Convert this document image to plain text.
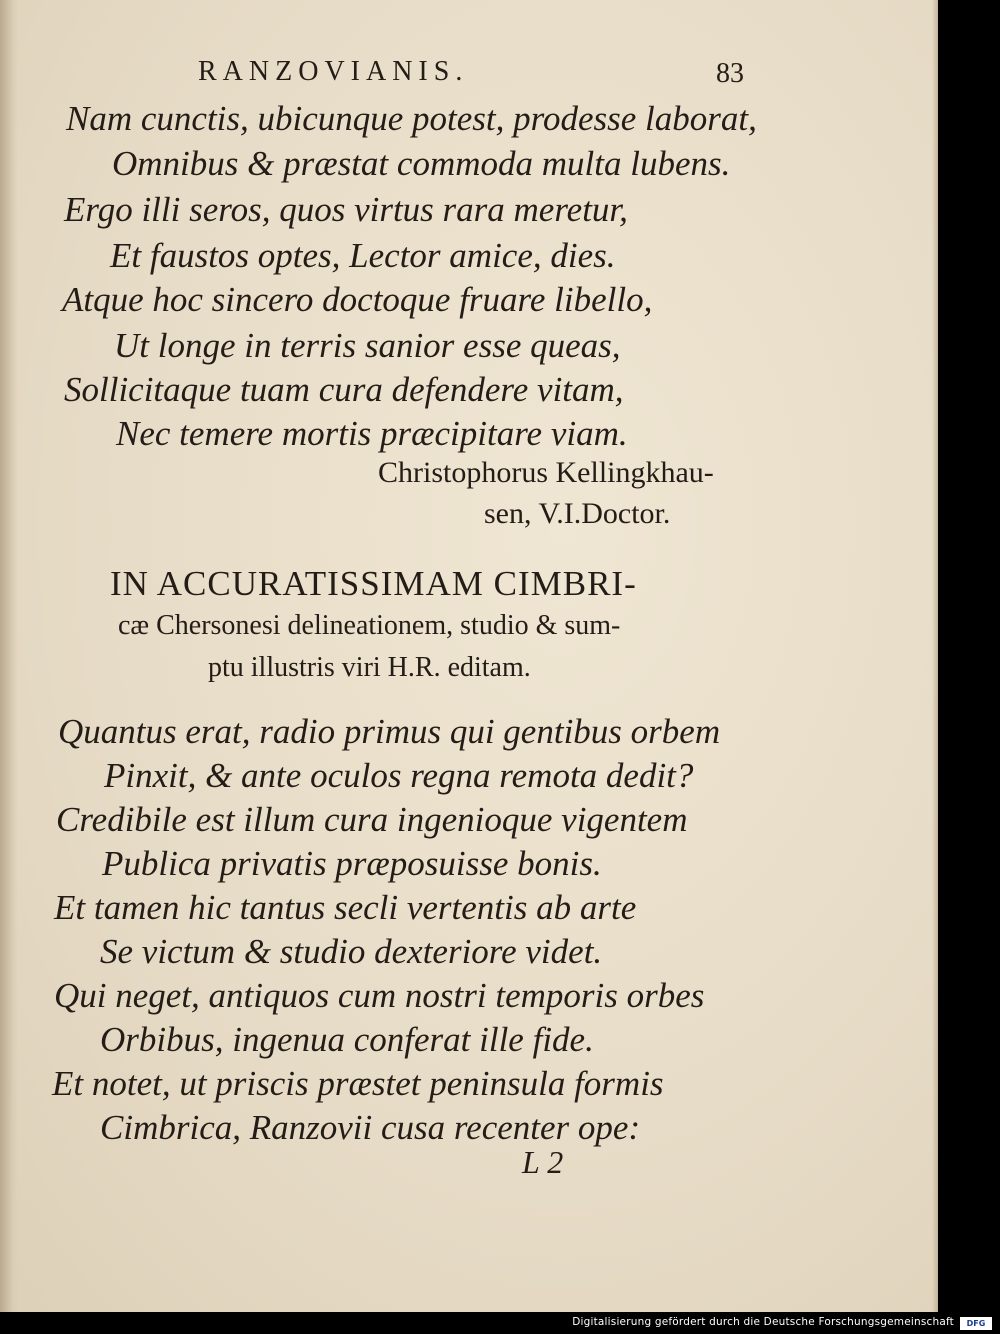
RANZOVIANIS.	83
Nam cunctis, ubicunque potest, prodesse laborat,
Omnibus & præstat commoda multa lubens.
Ergo illi seros, quos virtus rara meretur,
Et faustos optes, Lector amice, dies.
Atque hoc sincero doctoque fruare libello,
Ut longe in terris sanior esse queas,
Sollicitaque tuam cura defendere vitam,
Nec temere mortis præcipitare viam.
Christophorus Kellingkhau-
sen, V.I.Doctor.
IN ACCURATISSIMAM CIMBRI-
cæ Chersonesi delineationem, studio & sum-
ptu illustris viri H.R. editam.
Quantus erat, radio primus qui gentibus orbem
Pinxit, & ante oculos regna remota dedit?
Credibile est illum cura ingenioque vigentem
Publica privatis præposuisse bonis.
Et tamen hic tantus secli vertentis ab arte
Se victum & studio dexteriore videt.
Qui neget, antiquos cum nostri temporis orbes
Orbibus, ingenua conferat ille fide.
Et notet, ut priscis præstet peninsula formis
Cimbrica, Ranzovii cusa recenter ope:
L 2
Digitalisierung gefördert durch die Deutsche Forschungsgemeinschaft	DFG
